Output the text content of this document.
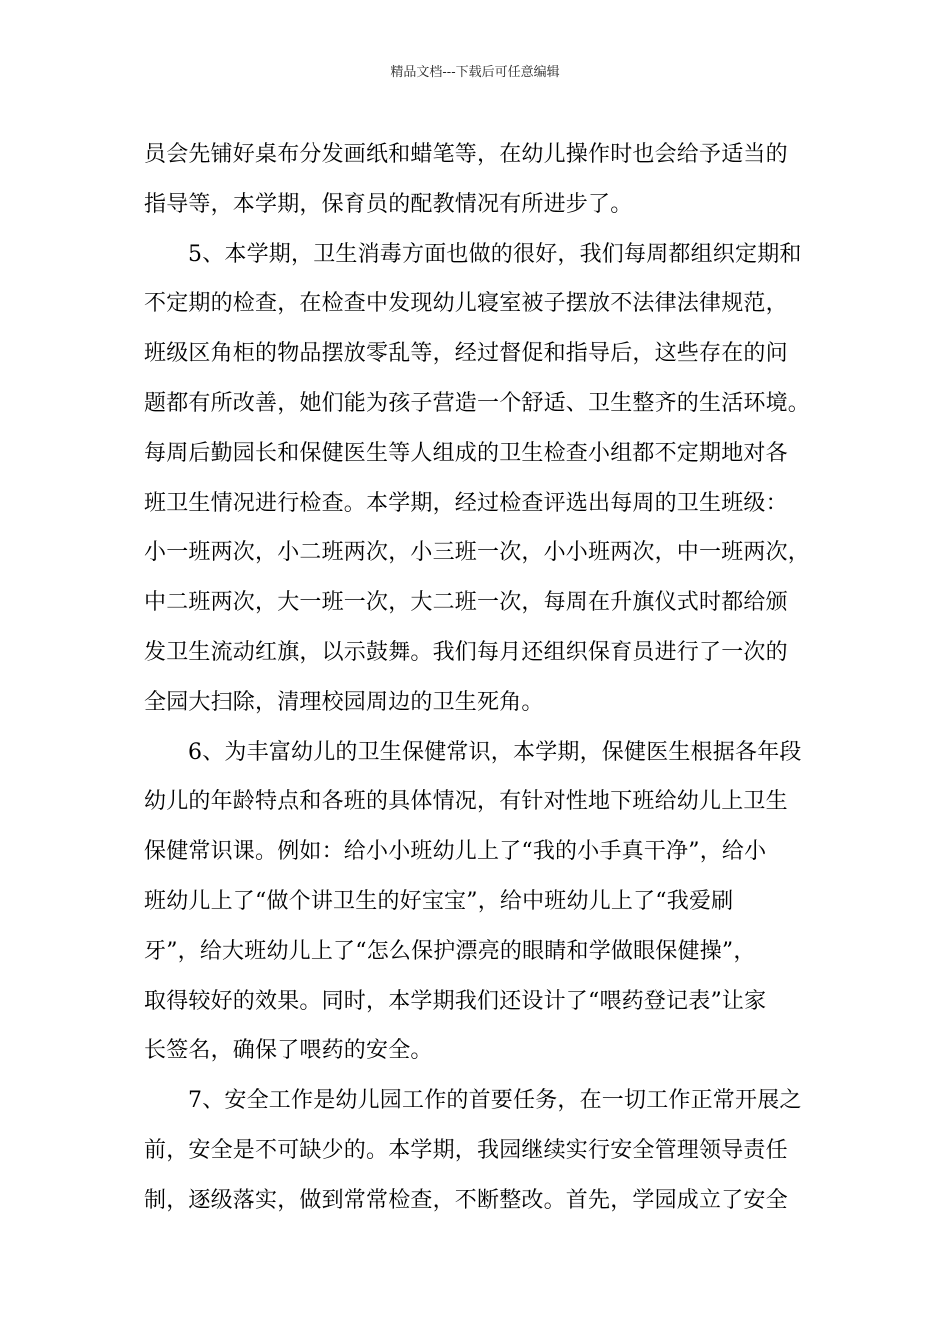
精品文档---下载后可任意编辑
员会先铺好桌布分发画纸和蜡笔等，在幼儿操作时也会给予适当的
指导等，本学期，保育员的配教情况有所进步了。
5、本学期，卫生消毒方面也做的很好，我们每周都组织定期和
不定期的检查，在检查中发现幼儿寝室被子摆放不法律法律规范，
班级区角柜的物品摆放零乱等，经过督促和指导后，这些存在的问
题都有所改善，她们能为孩子营造一个舒适、卫生整齐的生活环境。
每周后勤园长和保健医生等人组成的卫生检查小组都不定期地对各
班卫生情况进行检查。本学期，经过检查评选出每周的卫生班级：
小一班两次，小二班两次，小三班一次，小小班两次，中一班两次，
中二班两次，大一班一次，大二班一次，每周在升旗仪式时都给颁
发卫生流动红旗，以示鼓舞。我们每月还组织保育员进行了一次的
全园大扫除，清理校园周边的卫生死角。
6、为丰富幼儿的卫生保健常识，本学期，保健医生根据各年段
幼儿的年龄特点和各班的具体情况，有针对性地下班给幼儿上卫生
保健常识课。例如：给小小班幼儿上了“我的小手真干净”，给小
班幼儿上了“做个讲卫生的好宝宝”，给中班幼儿上了“我爱刷
牙”，给大班幼儿上了“怎么保护漂亮的眼睛和学做眼保健操”，
取得较好的效果。同时，本学期我们还设计了“喂药登记表”让家
长签名，确保了喂药的安全。
7、安全工作是幼儿园工作的首要任务，在一切工作正常开展之
前，安全是不可缺少的。本学期，我园继续实行安全管理领导责任
制，逐级落实，做到常常检查，不断整改。首先，学园成立了安全
